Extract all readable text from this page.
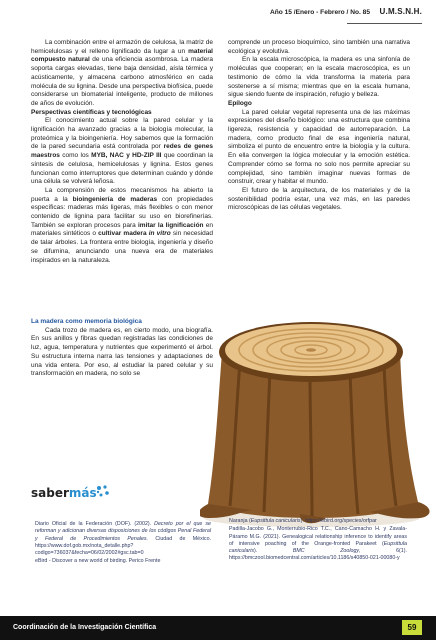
Año 15 /Enero - Febrero / No. 85 U.M.S.N.H.

La combinación entre el armazón de celulosa, la matriz de hemicelulosas y el relleno lignificado da lugar a un material compuesto natural de una eficiencia asombrosa. La madera soporta cargas elevadas, tiene baja densidad, aísla térmica y acústicamente, y almacena carbono atmosférico en cada molécula de su lignina. Desde una perspectiva biofísica, puede considerarse un biomaterial inteligente, producto de millones de años de evolución.

Perspectivas científicas y tecnológicas

El conocimiento actual sobre la pared celular y la lignificación ha avanzado gracias a la biología molecular, la proteómica y la bioingeniería. Hoy sabemos que la formación de la pared secundaria está controlada por redes de genes maestros como los MYB, NAC y HD-ZIP III que coordinan la síntesis de celulosa, hemicelulosas y lignina. Estos genes funcionan como interruptores que determinan cuándo y dónde una célula se volverá leñosa.

La comprensión de estos mecanismos ha abierto la puerta a la bioingeniería de maderas con propiedades específicas: maderas más ligeras, más flexibles o con menor contenido de lignina para facilitar su uso en biorefinerías. También se exploran procesos para imitar la lignificación en materiales sintéticos o cultivar madera in vitro sin necesidad de talar árboles. La frontera entre biología, ingeniería y diseño se difumina, anunciando una nueva era de materiales inspirados en la naturaleza.

comprende un proceso bioquímico, sino también una narrativa ecológica y evolutiva.

En la escala microscópica, la madera es una sinfonía de moléculas que cooperan; en la escala macroscópica, es un testimonio de cómo la vida transforma la materia para sostenerse a sí misma; mientras que en la escala humana, sigue siendo fuente de inspiración, refugio y belleza.

Epílogo

La pared celular vegetal representa una de las máximas expresiones del diseño biológico: una estructura que combina ligereza, resistencia y capacidad de autorreparación. La madera, como producto final de esa ingeniería natural, simboliza el punto de encuentro entre la biología y la cultura. En ella convergen la lógica molecular y la emoción estética. Comprender cómo se forma no solo nos permite apreciar su complejidad, sino también imaginar nuevas formas de construir, crear y habitar el mundo.

El futuro de la arquitectura, de los materiales y de la sostenibilidad podría estar, una vez más, en las paredes microscópicas de las células vegetales.

La madera como memoria biológica

Cada trozo de madera es, en cierto modo, una biografía. En sus anillos y fibras quedan registradas las condiciones de luz, agua, temperatura y nutrientes que experimentó el árbol. Su estructura interna narra las tensiones y adaptaciones de una vida entera. Por eso, al estudiar la pared celular y su transformación en madera, no solo se

sabermás

Diario Oficial de la Federación (DOF). (2002). Decreto por el que se reforman y adicionan diversas disposiciones de los códigos Penal Federal y Federal de Procedimientos Penales. Ciudad de México. https://www.dof.gob.mx/nota_detalle.php?codigo=736037&fecha=06/02/2002#gsc.tab=0

eBird - Discover a new world of birding. Perico Frente

Naranja (Eupsittula canicularis). https://ebird.org/species/orfpar

Padilla-Jacobo G., Monterrubio-Rico T.C., Cano-Camacho H. y Zavala-Páramo M.G. (2021). Genealogical relationship inference to identify areas of intensive poaching of the Orange-fronted Parakeet (Eupsittula canicularis). BMC Zoology, 6(1). https://bmczool.biomedcentral.com/articles/10.1186/s40850-021-00080-y

Coordinación de la Investigación Científica	59
